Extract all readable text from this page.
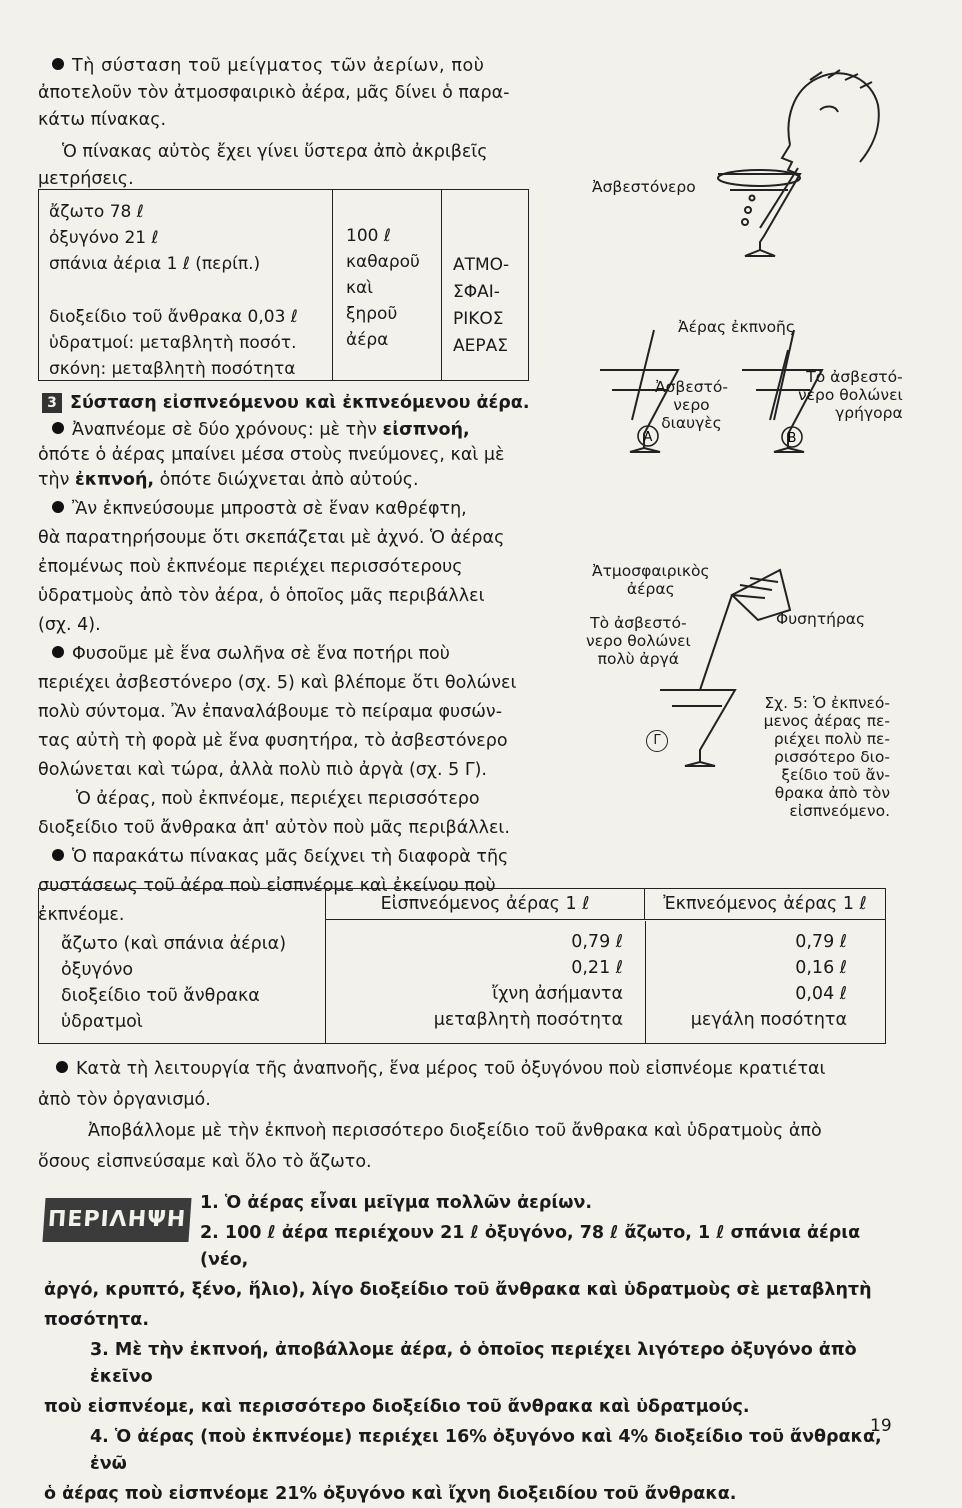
Τὴ σύσταση τοῦ μείγματος τῶν ἀερίων, ποὺ

ἀποτελοῦν τὸν ἀτμοσφαιρικὸ ἀέρα, μᾶς δίνει ὁ παρα-

κάτω πίνακας.

Ὁ πίνακας αὐτὸς ἔχει γίνει ὕστερα ἀπὸ ἀκριβεῖς

μετρήσεις.

ἄζωτο 78 ℓ
ὀξυγόνο 21 ℓ
σπάνια ἀέρια 1 ℓ (περίπ.)
διοξείδιο τοῦ ἄνθρακα 0,03 ℓ
ὑδρατμοί: μεταβλητὴ ποσότ.
σκόνη: μεταβλητὴ ποσότητα
100 ℓ
καθαροῦ
καὶ
ξηροῦ
ἀέρα
ΑΤΜΟ-
ΣΦΑΙ-
ΡΙΚΟΣ
ΑΕΡΑΣ
3 Σύσταση εἰσπνεόμενου καὶ ἐκπνεόμενου ἀέρα.

Ἀναπνέομε σὲ δύο χρόνους: μὲ τὴν εἰσπνοή,

ὁπότε ὁ ἀέρας μπαίνει μέσα στοὺς πνεύμονες, καὶ μὲ

τὴν ἐκπνοή, ὁπότε διώχνεται ἀπὸ αὐτούς.

Ἂν ἐκπνεύσουμε μπροστὰ σὲ ἕναν καθρέφτη,

θὰ παρατηρήσουμε ὅτι σκεπάζεται μὲ ἀχνό. Ὁ ἀέρας

ἐπομένως ποὺ ἐκπνέομε περιέχει περισσότερους

ὑδρατμοὺς ἀπὸ τὸν ἀέρα, ὁ ὁποῖος μᾶς περιβάλλει

(σχ. 4).

Φυσοῦμε μὲ ἕνα σωλῆνα σὲ ἕνα ποτήρι ποὺ

περιέχει ἀσβεστόνερο (σχ. 5) καὶ βλέπομε ὅτι θολώνει

πολὺ σύντομα. Ἂν ἐπαναλάβουμε τὸ πείραμα φυσών-

τας αὐτὴ τὴ φορὰ μὲ ἕνα φυσητήρα, τὸ ἀσβεστόνερο

θολώνεται καὶ τώρα, ἀλλὰ πολὺ πιὸ ἀργὰ (σχ. 5 Γ).

Ὁ ἀέρας, ποὺ ἐκπνέομε, περιέχει περισσότερο

διοξείδιο τοῦ ἄνθρακα ἀπ' αὐτὸν ποὺ μᾶς περιβάλλει.

Ὁ παρακάτω πίνακας μᾶς δείχνει τὴ διαφορὰ τῆς

συστάσεως τοῦ ἀέρα ποὺ εἰσπνέομε καὶ ἐκείνου ποὺ

ἐκπνέομε.

A	B
Ἀσβεστόνερο
Ἀέρας ἐκπνοῆς
Ἀσβεστό-
νερο
διαυγὲς
Τὸ ἀσβεστό-
νερο θολώνει
γρήγορα
Ἀτμοσφαιρικὸς
ἀέρας
Τὸ ἀσβεστό-
νερο θολώνει
πολὺ ἀργά
Φυσητήρας
Γ
Σχ. 5: Ὁ ἐκπνεό-
μενος ἀέρας πε-
ριέχει πολὺ πε-
ρισσότερο διο-
ξείδιο τοῦ ἄν-
θρακα ἀπὸ τὸν
εἰσπνεόμενο.
Εἰσπνεόμενος ἀέρας 1 ℓ	Ἐκπνεόμενος ἀέρας 1 ℓ
ἄζωτο (καὶ σπάνια ἀέρια)
ὀξυγόνο
διοξείδιο τοῦ ἄνθρακα
ὑδρατμοὶ
0,79 ℓ
0,21 ℓ
ἴχνη ἀσήμαντα
μεταβλητὴ ποσότητα
0,79 ℓ
0,16 ℓ
0,04 ℓ
μεγάλη ποσότητα

Κατὰ τὴ λειτουργία τῆς ἀναπνοῆς, ἕνα μέρος τοῦ ὀξυγόνου ποὺ εἰσπνέομε κρατιέται

ἀπὸ τὸν ὀργανισμό.

Ἀποβάλλομε μὲ τὴν ἐκπνοὴ περισσότερο διοξείδιο τοῦ ἄνθρακα καὶ ὑδρατμοὺς ἀπὸ

ὅσους εἰσπνεύσαμε καὶ ὅλο τὸ ἄζωτο.

ΠΕΡΙΛΗΨΗ
1. Ὁ ἀέρας εἶναι μεῖγμα πολλῶν ἀερίων.
2. 100 ℓ ἀέρα περιέχουν 21 ℓ ὀξυγόνο, 78 ℓ ἄζωτο, 1 ℓ σπάνια ἀέρια (νέο,
ἀργό, κρυπτό, ξένο, ἥλιο), λίγο διοξείδιο τοῦ ἄνθρακα καὶ ὑδρατμοὺς σὲ μεταβλητὴ
ποσότητα.
3. Μὲ τὴν ἐκπνοή, ἀποβάλλομε ἀέρα, ὁ ὁποῖος περιέχει λιγότερο ὀξυγόνο ἀπὸ ἐκεῖνο
ποὺ εἰσπνέομε, καὶ περισσότερο διοξείδιο τοῦ ἄνθρακα καὶ ὑδρατμούς.
4. Ὁ ἀέρας (ποὺ ἐκπνέομε) περιέχει 16% ὀξυγόνο καὶ 4% διοξείδιο τοῦ ἄνθρακα, ἐνῶ
ὁ ἀέρας ποὺ εἰσπνέομε 21% ὀξυγόνο καὶ ἴχνη διοξειδίου τοῦ ἄνθρακα.
19
